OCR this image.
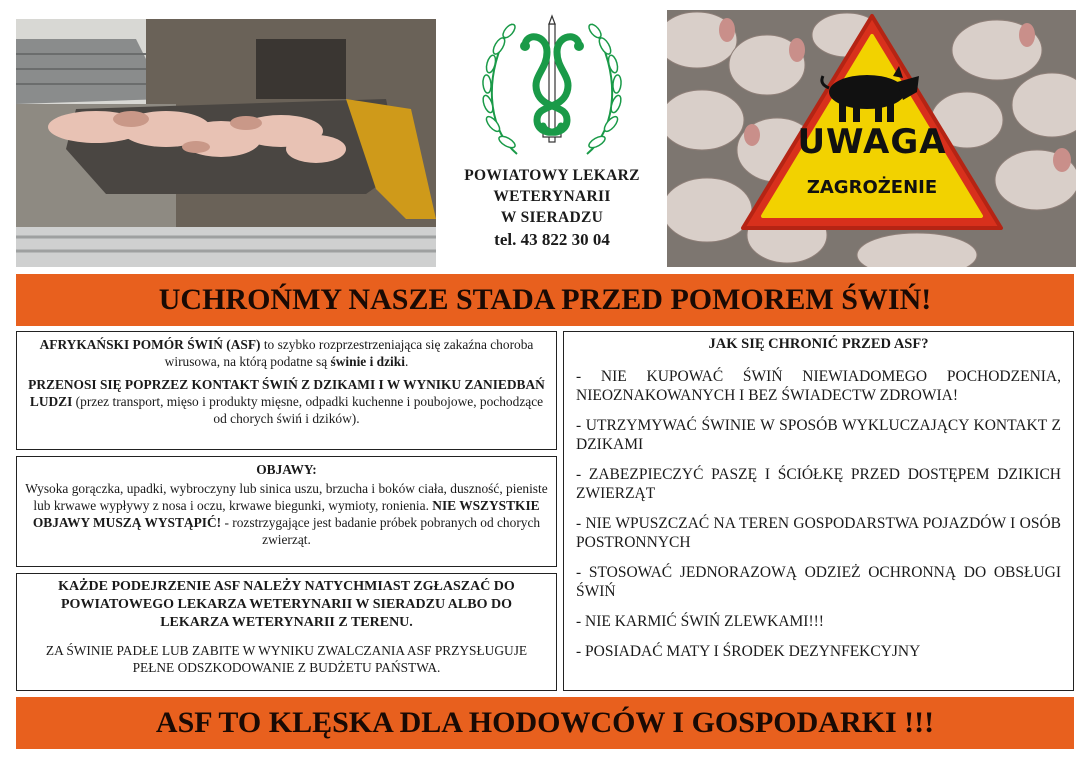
POWIATOWY LEKARZ
WETERYNARII
W SIERADZU
tel. 43 822 30 04
UWAGA
ZAGROŻENIE
UCHROŃMY NASZE STADA PRZED POMOREM ŚWIŃ!

AFRYKAŃSKI POMÓR ŚWIŃ (ASF) to szybko rozprzestrzeniająca się zakaźna choroba wirusowa, na którą podatne są świnie i dziki.

PRZENOSI SIĘ POPRZEZ KONTAKT ŚWIŃ Z DZIKAMI I W WYNIKU ZANIEDBAŃ LUDZI (przez transport, mięso i produkty mięsne, odpadki kuchenne i poubojowe, pochodzące od chorych świń i dzików).

OBJAWY:

Wysoka gorączka, upadki, wybroczyny lub sinica uszu, brzucha i boków ciała, duszność, pieniste lub krwawe wypływy z nosa i oczu, krwawe biegunki, wymioty, ronienia. NIE WSZYSTKIE OBJAWY MUSZĄ WYSTĄPIĆ! - rozstrzygające jest badanie próbek pobranych od chorych zwierząt.

KAŻDE PODEJRZENIE ASF NALEŻY NATYCHMIAST ZGŁASZAĆ DO POWIATOWEGO LEKARZA WETERYNARII W SIERADZU ALBO DO LEKARZA WETERYNARII Z TERENU.

ZA ŚWINIE PADŁE LUB ZABITE W WYNIKU ZWALCZANIA ASF PRZYSŁUGUJE PEŁNE ODSZKODOWANIE Z BUDŻETU PAŃSTWA.

JAK SIĘ CHRONIĆ PRZED ASF?
- NIE KUPOWAĆ ŚWIŃ NIEWIADOMEGO POCHODZENIA, NIEOZNAKOWANYCH I BEZ ŚWIADECTW ZDROWIA!
- UTRZYMYWAĆ ŚWINIE W SPOSÓB WYKLUCZAJĄCY KONTAKT Z DZIKAMI
- ZABEZPIECZYĆ PASZĘ I ŚCIÓŁKĘ PRZED DOSTĘPEM DZIKICH ZWIERZĄT
- NIE WPUSZCZAĆ NA TEREN GOSPODARSTWA POJAZDÓW I OSÓB POSTRONNYCH
- STOSOWAĆ JEDNORAZOWĄ ODZIEŻ OCHRONNĄ DO OBSŁUGI ŚWIŃ
- NIE KARMIĆ ŚWIŃ ZLEWKAMI!!!
- POSIADAĆ MATY I ŚRODEK DEZYNFEKCYJNY
ASF TO KLĘSKA DLA HODOWCÓW I GOSPODARKI !!!
